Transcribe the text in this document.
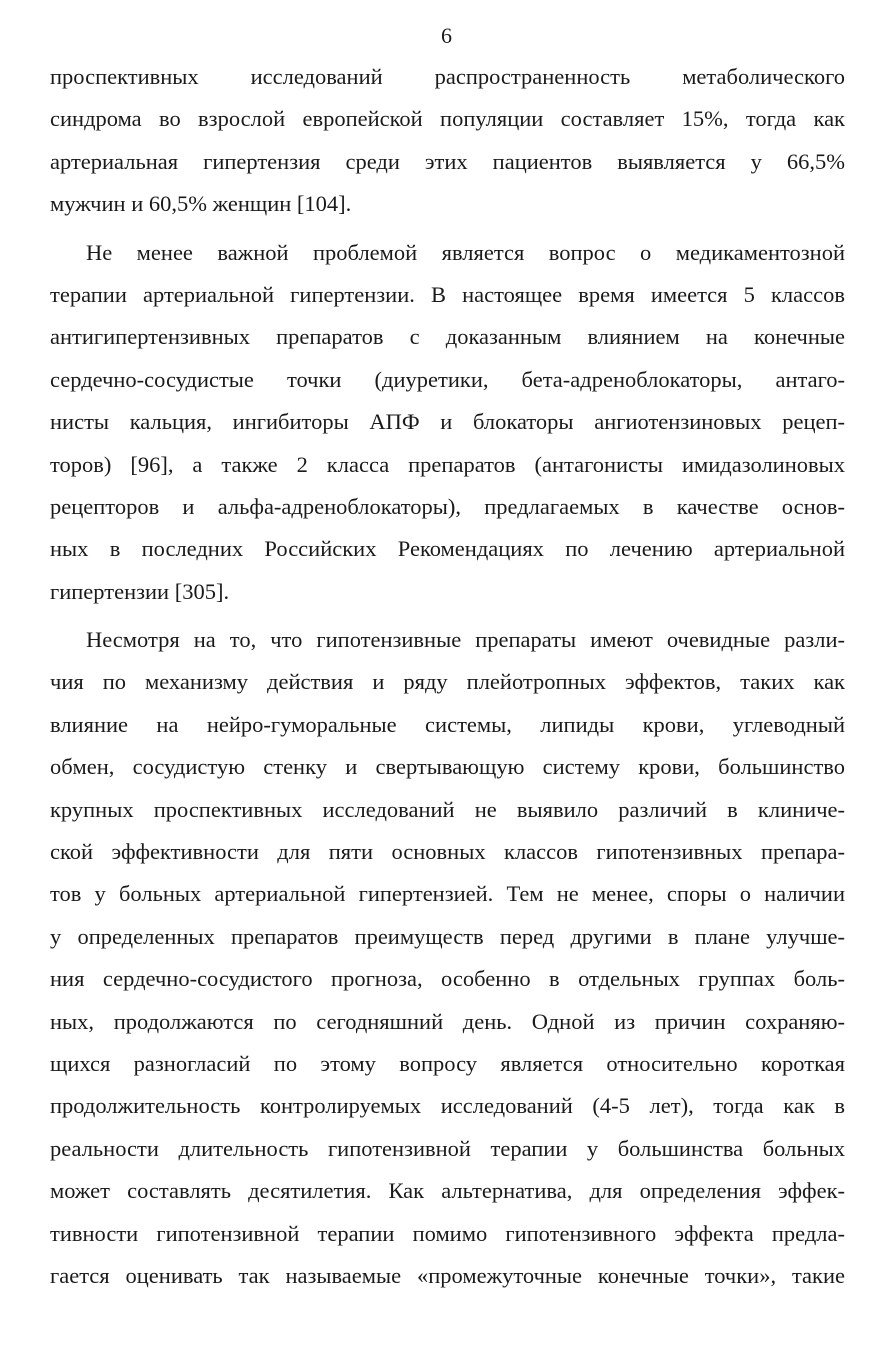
6
проспективных исследований распространенность метаболического
синдрома во взрослой европейской популяции составляет 15%, тогда как
артериальная гипертензия среди этих пациентов выявляется у 66,5%
мужчин и 60,5% женщин [104].
Не менее важной проблемой является вопрос о медикаментозной
терапии артериальной гипертензии. В настоящее время имеется 5 классов
антигипертензивных препаратов с доказанным влиянием на конечные
сердечно-сосудистые точки (диуретики, бета-адреноблокаторы, антаго-
нисты кальция, ингибиторы АПФ и блокаторы ангиотензиновых рецеп-
торов) [96], а также 2 класса препаратов (антагонисты имидазолиновых
рецепторов и альфа-адреноблокаторы), предлагаемых в качестве основ-
ных в последних Российских Рекомендациях по лечению артериальной
гипертензии [305].
Несмотря на то, что гипотензивные препараты имеют очевидные разли-
чия по механизму действия и ряду плейотропных эффектов, таких как
влияние на нейро-гуморальные системы, липиды крови, углеводный
обмен, сосудистую стенку и свертывающую систему крови, большинство
крупных проспективных исследований не выявило различий в клиниче-
ской эффективности для пяти основных классов гипотензивных препара-
тов у больных артериальной гипертензией. Тем не менее, споры о наличии
у определенных препаратов преимуществ перед другими в плане улучше-
ния сердечно-сосудистого прогноза, особенно в отдельных группах боль-
ных, продолжаются по сегодняшний день. Одной из причин сохраняю-
щихся разногласий по этому вопросу является относительно короткая
продолжительность контролируемых исследований (4-5 лет), тогда как в
реальности длительность гипотензивной терапии у большинства больных
может составлять десятилетия. Как альтернатива, для определения эффек-
тивности гипотензивной терапии помимо гипотензивного эффекта предла-
гается оценивать так называемые «промежуточные конечные точки», такие
